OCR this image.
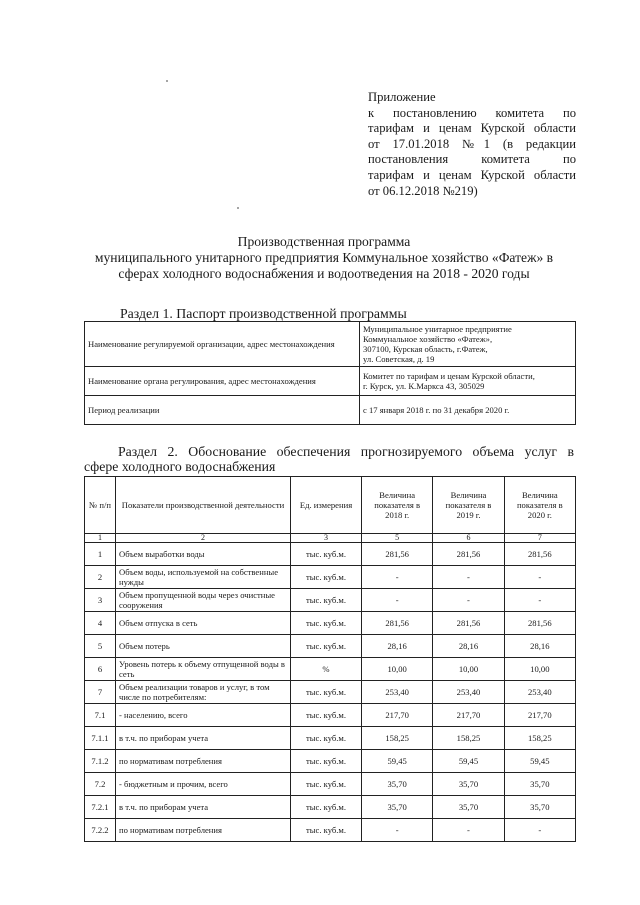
Приложение
к постановлению комитета по
тарифам и ценам Курской области
от 17.01.2018 №1 (в редакции
постановления комитета по
тарифам и ценам Курской области
от 06.12.2018 №219)
Производственная программа
муниципального унитарного предприятия Коммунальное хозяйство «Фатеж» в
сферах холодного водоснабжения и водоотведения на 2018 - 2020 годы
Раздел 1. Паспорт производственной программы
Наименование регулируемой организации, адрес местонахождения	Муниципальное унитарное предприятие
Коммунальное хозяйство «Фатеж»,
307100, Курская область, г.Фатеж,
ул. Советская, д. 19

Наименование органа регулирования, адрес местонахождения	Комитет по тарифам и ценам Курской области,
г. Курск, ул. К.Маркса 43, 305029

Период реализации	с 17 января 2018 г. по 31 декабря 2020 г.
Раздел 2. Обоснование обеспечения прогнозируемого объема услуг в
сфере холодного водоснабжения
№ п/п	Показатели производственной деятельности	Ед. измерения	Величина показателя в 2018 г.	Величина показателя в 2019 г.	Величина показателя в 2020 г.
1	2	3	5	6	7
1	Объем выработки воды	тыс. куб.м.	281,56	281,56	281,56
2	Объем воды, используемой на собственные нужды	тыс. куб.м.	-	-	-
3	Объем пропущенной воды через очистные сооружения	тыс. куб.м.	-	-	-
4	Объем отпуска в сеть	тыс. куб.м.	281,56	281,56	281,56
5	Объем потерь	тыс. куб.м.	28,16	28,16	28,16
6	Уровень потерь к объему отпущенной воды в сеть	%	10,00	10,00	10,00
7	Объем реализации товаров и услуг, в том числе по потребителям:	тыс. куб.м.	253,40	253,40	253,40
7.1	- населению, всего	тыс. куб.м.	217,70	217,70	217,70
7.1.1	в т.ч. по приборам учета	тыс. куб.м.	158,25	158,25	158,25
7.1.2	по нормативам потребления	тыс. куб.м.	59,45	59,45	59,45
7.2	- бюджетным и прочим, всего	тыс. куб.м.	35,70	35,70	35,70
7.2.1	в т.ч. по приборам учета	тыс. куб.м.	35,70	35,70	35,70
7.2.2	по нормативам потребления	тыс. куб.м.	-	-	-
